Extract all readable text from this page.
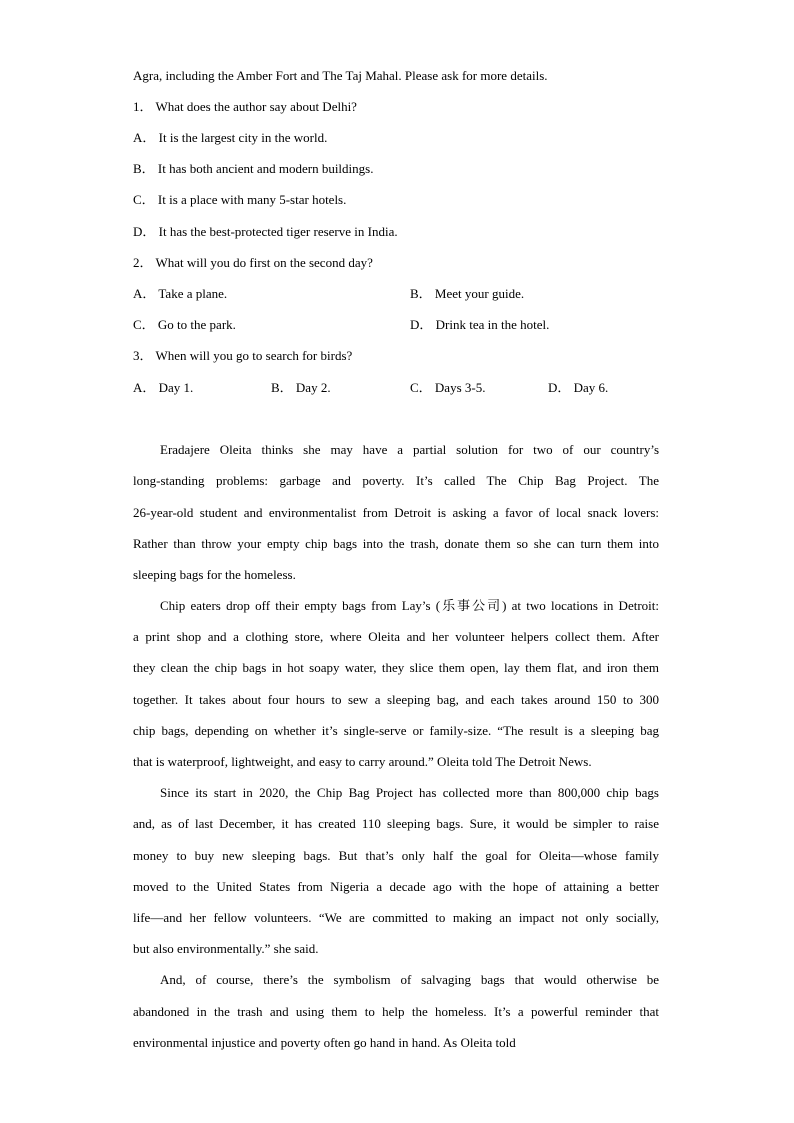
Agra, including the Amber Fort and The Taj Mahal. Please ask for more details.
1． What does the author say about Delhi?
A． It is the largest city in the world.
B． It has both ancient and modern buildings.
C． It is a place with many 5-star hotels.
D． It has the best-protected tiger reserve in India.
2． What will you do first on the second day?
A． Take a plane.	B． Meet your guide.
C． Go to the park.	D． Drink tea in the hotel.
3． When will you go to search for birds?
A． Day 1.	B． Day 2.	C． Days 3-5.	D． Day 6.
Eradajere Oleita thinks she may have a partial solution for two of our country’s
long-standing problems: garbage and poverty. It’s called The Chip Bag Project. The
26-year-old student and environmentalist from Detroit is asking a favor of local snack lovers:
Rather than throw your empty chip bags into the trash, donate them so she can turn them into
sleeping bags for the homeless.
Chip eaters drop off their empty bags from Lay’s (乐事公司) at two locations in Detroit:
a print shop and a clothing store, where Oleita and her volunteer helpers collect them. After
they clean the chip bags in hot soapy water, they slice them open, lay them flat, and iron them
together. It takes about four hours to sew a sleeping bag, and each takes around 150 to 300
chip bags, depending on whether it’s single-serve or family-size. “The result is a sleeping bag
that is waterproof, lightweight, and easy to carry around.” Oleita told The Detroit News.
Since its start in 2020, the Chip Bag Project has collected more than 800,000 chip bags
and, as of last December, it has created 110 sleeping bags. Sure, it would be simpler to raise
money to buy new sleeping bags. But that’s only half the goal for Oleita—whose family
moved to the United States from Nigeria a decade ago with the hope of attaining a better
life—and her fellow volunteers. “We are committed to making an impact not only socially,
but also environmentally.” she said.
And, of course, there’s the symbolism of salvaging bags that would otherwise be
abandoned in the trash and using them to help the homeless. It’s a powerful reminder that
environmental injustice and poverty often go hand in hand. As Oleita told
